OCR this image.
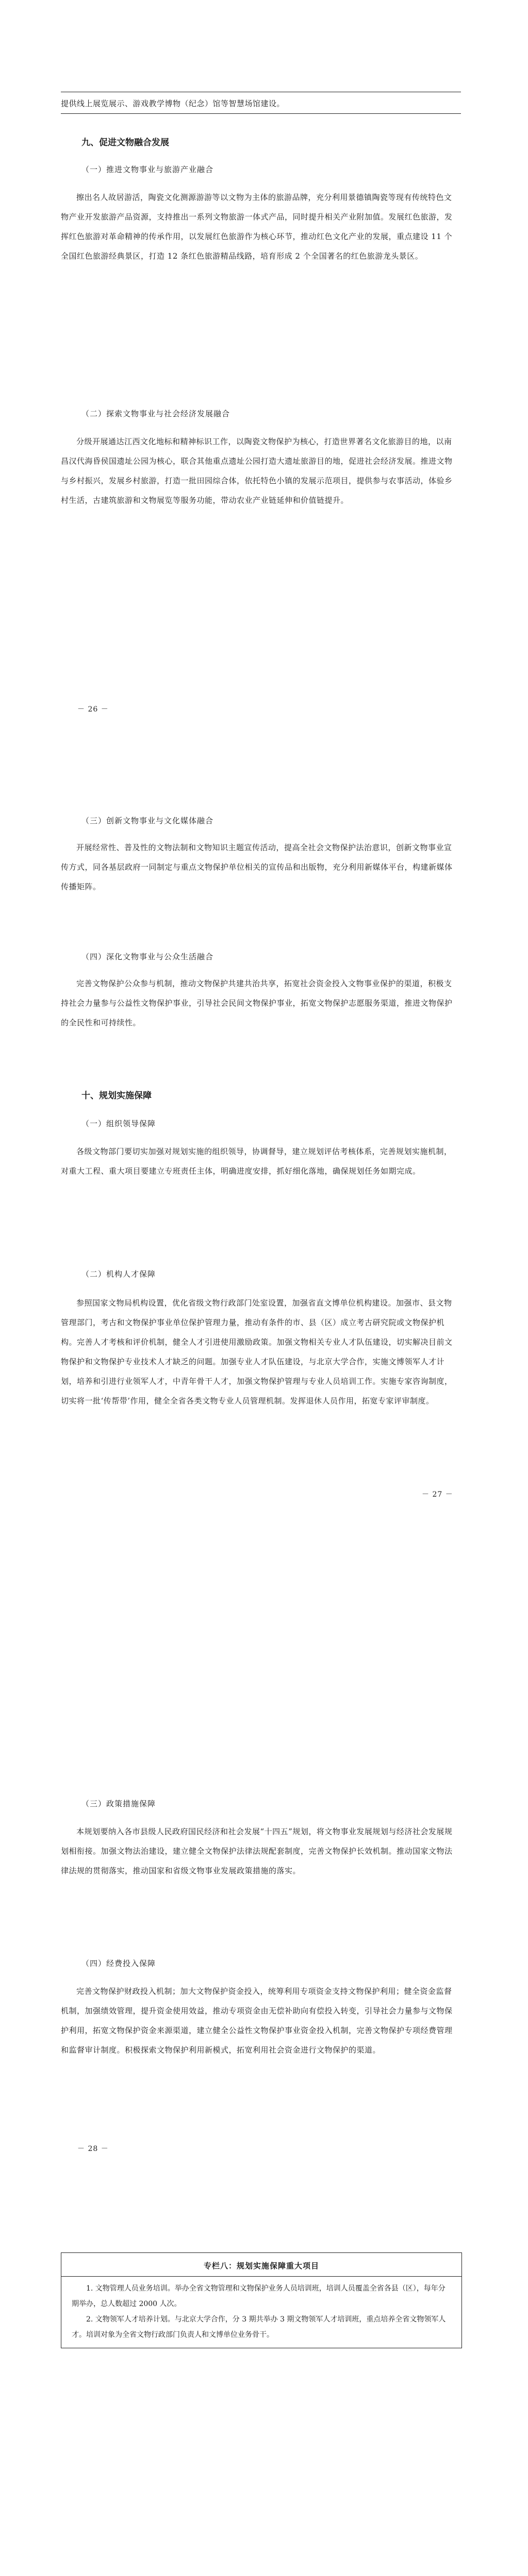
提供线上展览展示、游戏教学博物（纪念）馆等智慧场馆建设。

九、促进文物融合发展

（一）推进文物事业与旅游产业融合

擦出名人故居游活，陶瓷文化测源游游等以文物为主体的旅游品牌，充分利用景德镇陶瓷等现有传统特色文物产业开发旅游产品资源，支持推出一系列文物旅游一体式产品，同时提升相关产业附加值。发展红色旅游，发挥红色旅游对革命精神的传承作用，以发展红色旅游作为核心环节，推动红色文化产业的发展，重点建设 11 个全国红色旅游经典景区，打造 12 条红色旅游精品线路，培育形成 2 个全国著名的红色旅游龙头景区。

（二）探索文物事业与社会经济发展融合

分级开展通达江西文化地标和精神标识工作，以陶瓷文物保护为核心，打造世界著名文化旅游目的地，以南昌汉代海昏侯国遗址公园为核心，联合其他重点遗址公园打造大遗址旅游目的地，促进社会经济发展。推进文物与乡村振兴，发展乡村旅游，打造一批田园综合体，依托特色小镇的发展示范项目，提供参与农事活动，体验乡村生活，古建筑旅游和文物展览等服务功能，带动农业产业链延伸和价值链提升。

－ 26 －

（三）创新文物事业与文化媒体融合

开展经常性、普及性的文物法制和文物知识主题宣传活动，提高全社会文物保护法治意识，创新文物事业宣传方式，同各基层政府一同制定与重点文物保护单位相关的宣传品和出版物，充分利用新媒体平台，构建新媒体传播矩阵。

（四）深化文物事业与公众生活融合

完善文物保护公众参与机制，推动文物保护共建共治共享，拓宽社会资金投入文物事业保护的渠道，积极支持社会力量参与公益性文物保护事业，引导社会民间文物保护事业，拓宽文物保护志愿服务渠道，推进文物保护的全民性和可持续性。

十、规划实施保障

（一）组织领导保障

各级文物部门要切实加强对规划实施的组织领导，协调督导，建立规划评估考核体系，完善规划实施机制，对重大工程、重大项目要建立专班责任主体，明确进度安排，抓好细化落地，确保规划任务如期完成。

（二）机构人才保障

参照国家文物局机构设置，优化省级文物行政部门处室设置，加强省直文博单位机构建设。加强市、县文物管理部门，考古和文物保护事业单位保护管理力量，推动有条件的市、县（区）成立考古研究院或文物保护机构。完善人才考核和评价机制，健全人才引进使用激励政策。加强文物相关专业人才队伍建设，切实解决目前文物保护和文物保护专业技术人才缺乏的问题。加强专业人才队伍建设，与北京大学合作，实施文博领军人才计划，培养和引进行业领军人才，中青年骨干人才，加强文物保护管理与专业人员培训工作。实施专家咨询制度，切实将一批‘传帮带’作用，健全全省各类文物专业人员管理机制。发挥退休人员作用，拓宽专家评审制度。

－ 27 －

（三）政策措施保障

本规划要纳入各市县级人民政府国民经济和社会发展“十四五”规划，将文物事业发展规划与经济社会发展规划相衔接。加强文物法治建设，建立健全文物保护法律法规配套制度，完善文物保护长效机制。推动国家文物法律法规的贯彻落实，推动国家和省级文物事业发展政策措施的落实。

（四）经费投入保障

完善文物保护财政投入机制；加大文物保护资金投入，统筹利用专项资金支持文物保护利用；健全资金监督机制，加强绩效管理，提升资金使用效益，推动专项资金由无偿补助向有偿投入转变，引导社会力量参与文物保护利用，拓宽文物保护资金来源渠道，建立健全公益性文物保护事业资金投入机制，完善文物保护专项经费管理和监督审计制度。积极探索文物保护利用新模式，拓宽利用社会资金进行文物保护的渠道。

－ 28 －

专栏八：规划实施保障重大项目

1. 文物管理人员业务培训。举办全省文物管理和文物保护业务人员培训班，培训人员覆盖全省各县（区），每年分期举办，总人数超过 2000 人次。

2. 文物领军人才培养计划。与北京大学合作，分 3 期共举办 3 期文物领军人才培训班，重点培养全省文物领军人才。培训对象为全省文物行政部门负责人和文博单位业务骨干。
